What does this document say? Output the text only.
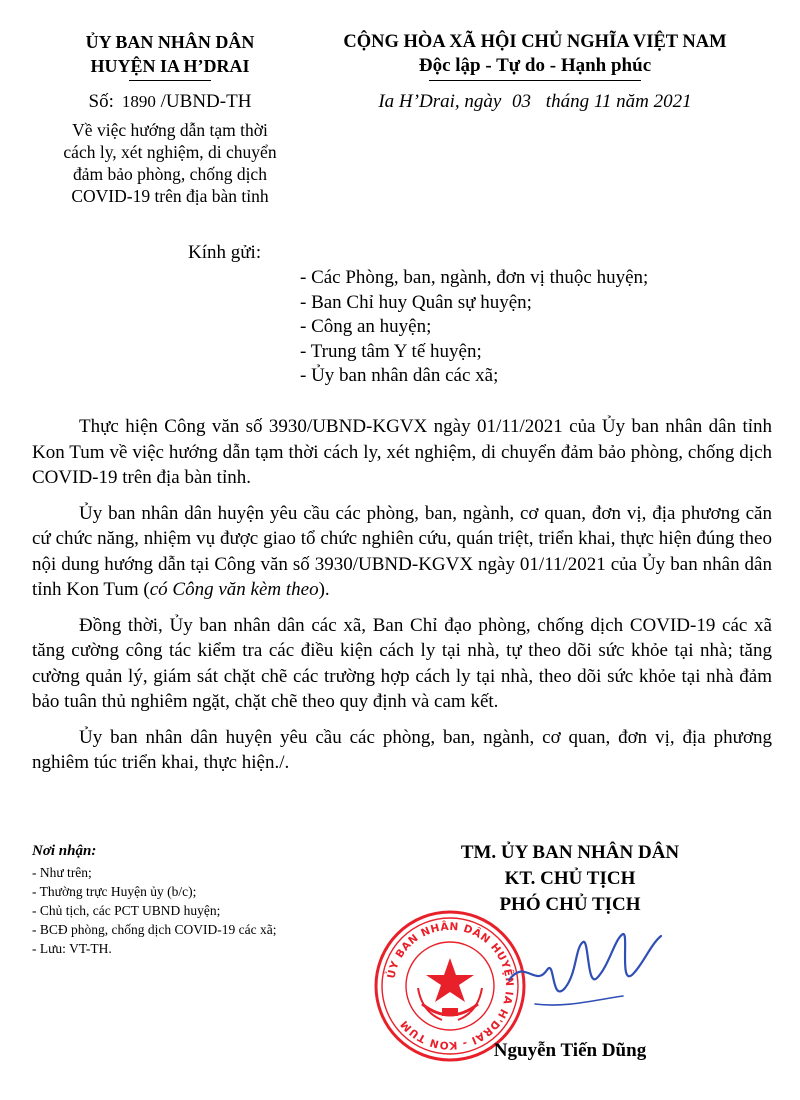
ỦY BAN NHÂN DÂN
HUYỆN IA H’DRAI
Số: 1890 /UBND-TH
Về việc hướng dẫn tạm thời
cách ly, xét nghiệm, di chuyển
đảm bảo phòng, chống dịch
COVID-19 trên địa bàn tỉnh
CỘNG HÒA XÃ HỘI CHỦ NGHĨA VIỆT NAM
Độc lập - Tự do - Hạnh phúc
Ia H’Drai, ngày 03 tháng 11 năm 2021
Kính gửi:
- Các Phòng, ban, ngành, đơn vị thuộc huyện;
- Ban Chỉ huy Quân sự huyện;
- Công an huyện;
- Trung tâm Y tế huyện;
- Ủy ban nhân dân các xã;

Thực hiện Công văn số 3930/UBND-KGVX ngày 01/11/2021 của Ủy ban nhân dân tỉnh Kon Tum về việc hướng dẫn tạm thời cách ly, xét nghiệm, di chuyển đảm bảo phòng, chống dịch COVID-19 trên địa bàn tỉnh.

Ủy ban nhân dân huyện yêu cầu các phòng, ban, ngành, cơ quan, đơn vị, địa phương căn cứ chức năng, nhiệm vụ được giao tổ chức nghiên cứu, quán triệt, triển khai, thực hiện đúng theo nội dung hướng dẫn tại Công văn số 3930/UBND-KGVX ngày 01/11/2021 của Ủy ban nhân dân tỉnh Kon Tum (có Công văn kèm theo).

Đồng thời, Ủy ban nhân dân các xã, Ban Chỉ đạo phòng, chống dịch COVID-19 các xã tăng cường công tác kiểm tra các điều kiện cách ly tại nhà, tự theo dõi sức khỏe tại nhà; tăng cường quản lý, giám sát chặt chẽ các trường hợp cách ly tại nhà, theo dõi sức khỏe tại nhà đảm bảo tuân thủ nghiêm ngặt, chặt chẽ theo quy định và cam kết.

Ủy ban nhân dân huyện yêu cầu các phòng, ban, ngành, cơ quan, đơn vị, địa phương nghiêm túc triển khai, thực hiện./.

Nơi nhận:
- Như trên;
- Thường trực Huyện ủy (b/c);
- Chủ tịch, các PCT UBND huyện;
- BCĐ phòng, chống dịch COVID-19 các xã;
- Lưu: VT-TH.
ỦY BAN NHÂN DÂN HUYỆN IA H'DRAI - KON TUM
TM. ỦY BAN NHÂN DÂN
KT. CHỦ TỊCH
PHÓ CHỦ TỊCH
Nguyễn Tiến Dũng
